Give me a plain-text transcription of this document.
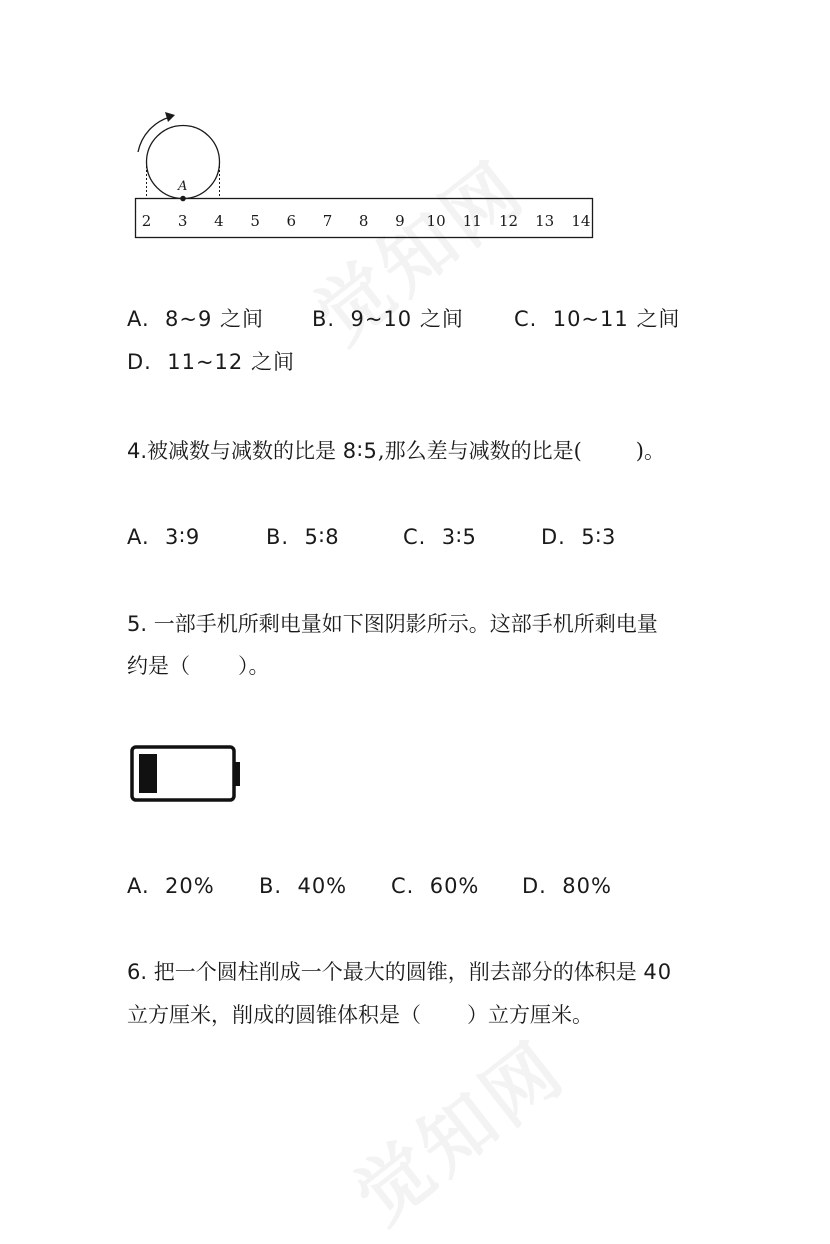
A
2 3 4 5 6 7 8 9 10 11 12 13 14
A. 8~9 之间 B. 9~10 之间 C. 10~11 之间
D. 11~12 之间
4.被减数与减数的比是 8∶5,那么差与减数的比是(	)。
A. 3∶9	B. 5∶8	C. 3∶5	D. 5∶3
5. 一部手机所剩电量如下图阴影所示。这部手机所剩电量
约是（ ）。
A. 20% B. 40% C. 60% D. 80%
6. 把一个圆柱削成一个最大的圆锥，削去部分的体积是 40
立方厘米，削成的圆锥体积是（ ）立方厘米。
